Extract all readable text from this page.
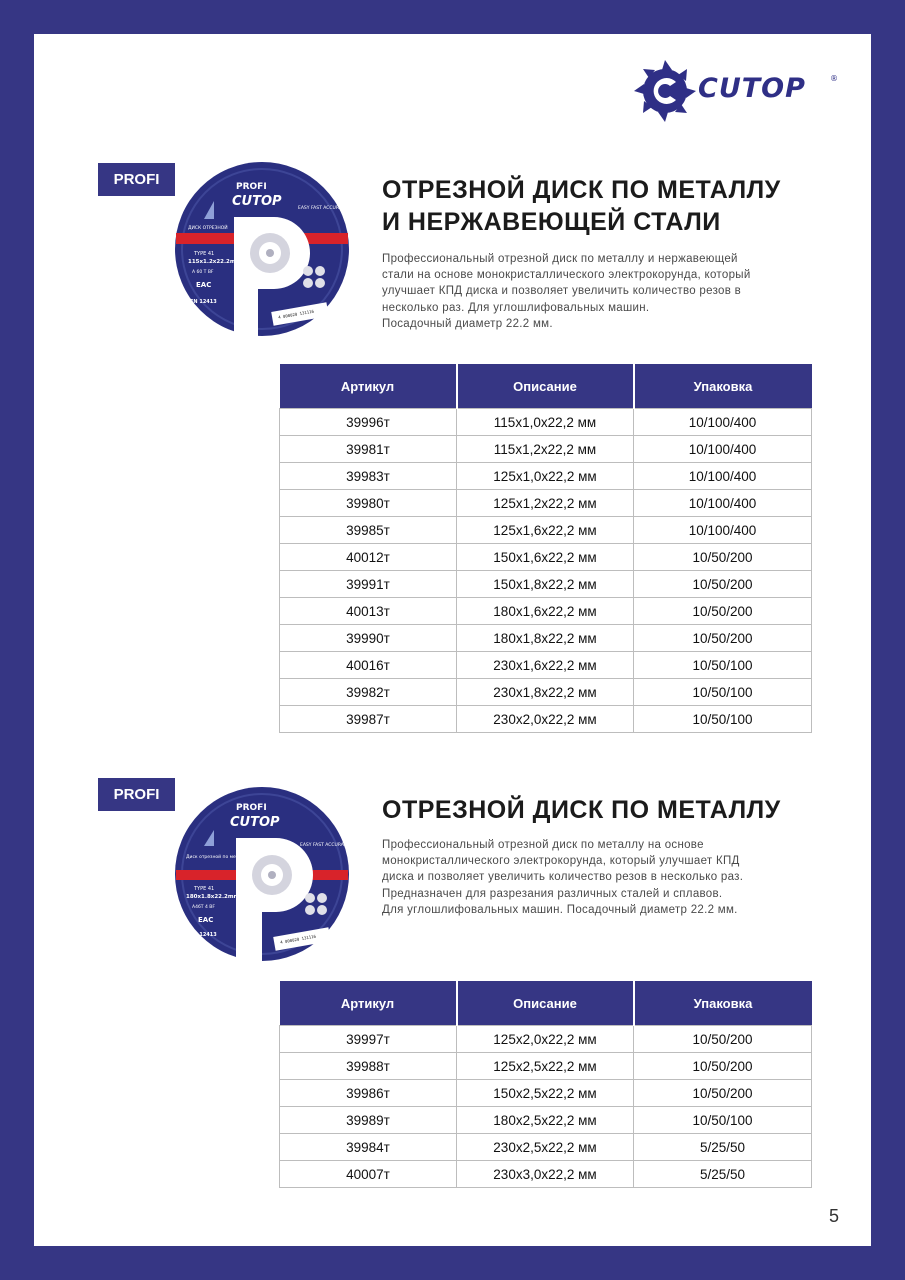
CUTOP	®
PROFI	PROFI
CUTOP
ДИСК ОТРЕЗНОЙ
TYPE 41
115x1.2x22.2mm
A 60 T BF
EAC
EN 12413
EASY FAST ACCURATE
4 000020 131116
ОТРЕЗНОЙ ДИСК ПО МЕТАЛЛУ
И НЕРЖАВЕЮЩЕЙ СТАЛИ

Профессиональный отрезной диск по металлу и нержавеющей
стали на основе монокристаллического электрокорунда, который
улучшает КПД диска и позволяет увеличить количество резов в
несколько раз. Для углошлифовальных машин.
Посадочный диаметр 22.2 мм.

Артикул	Описание	Упаковка
39996т	115х1,0х22,2 мм	10/100/400
39981т	115х1,2х22,2 мм	10/100/400
39983т	125х1,0х22,2 мм	10/100/400
39980т	125х1,2х22,2 мм	10/100/400
39985т	125х1,6х22,2 мм	10/100/400
40012т	150х1,6х22,2 мм	10/50/200
39991т	150х1,8х22,2 мм	10/50/200
40013т	180х1,6х22,2 мм	10/50/200
39990т	180х1,8х22,2 мм	10/50/200
40016т	230х1,6х22,2 мм	10/50/100
39982т	230х1,8х22,2 мм	10/50/100
39987т	230х2,0х22,2 мм	10/50/100
PROFI
PROFI
CUTOP
Диск отрезной по металлу
TYPE 41
180x1.8x22.2mm
A46T 4 BF
EAC
EN 12413
EASY FAST ACCURATE
4 000020 131116
ОТРЕЗНОЙ ДИСК ПО МЕТАЛЛУ

Профессиональный отрезной диск по металлу на основе
монокристаллического электрокорунда, который улучшает КПД
диска и позволяет увеличить количество резов в несколько раз.
Предназначен для разрезания различных сталей и сплавов.
Для углошлифовальных машин. Посадочный диаметр 22.2 мм.

Артикул	Описание	Упаковка
39997т	125х2,0х22,2 мм	10/50/200
39988т	125х2,5х22,2 мм	10/50/200
39986т	150х2,5х22,2 мм	10/50/200
39989т	180х2,5х22,2 мм	10/50/100
39984т	230х2,5х22,2 мм	5/25/50
40007т	230х3,0х22,2 мм	5/25/50
5
